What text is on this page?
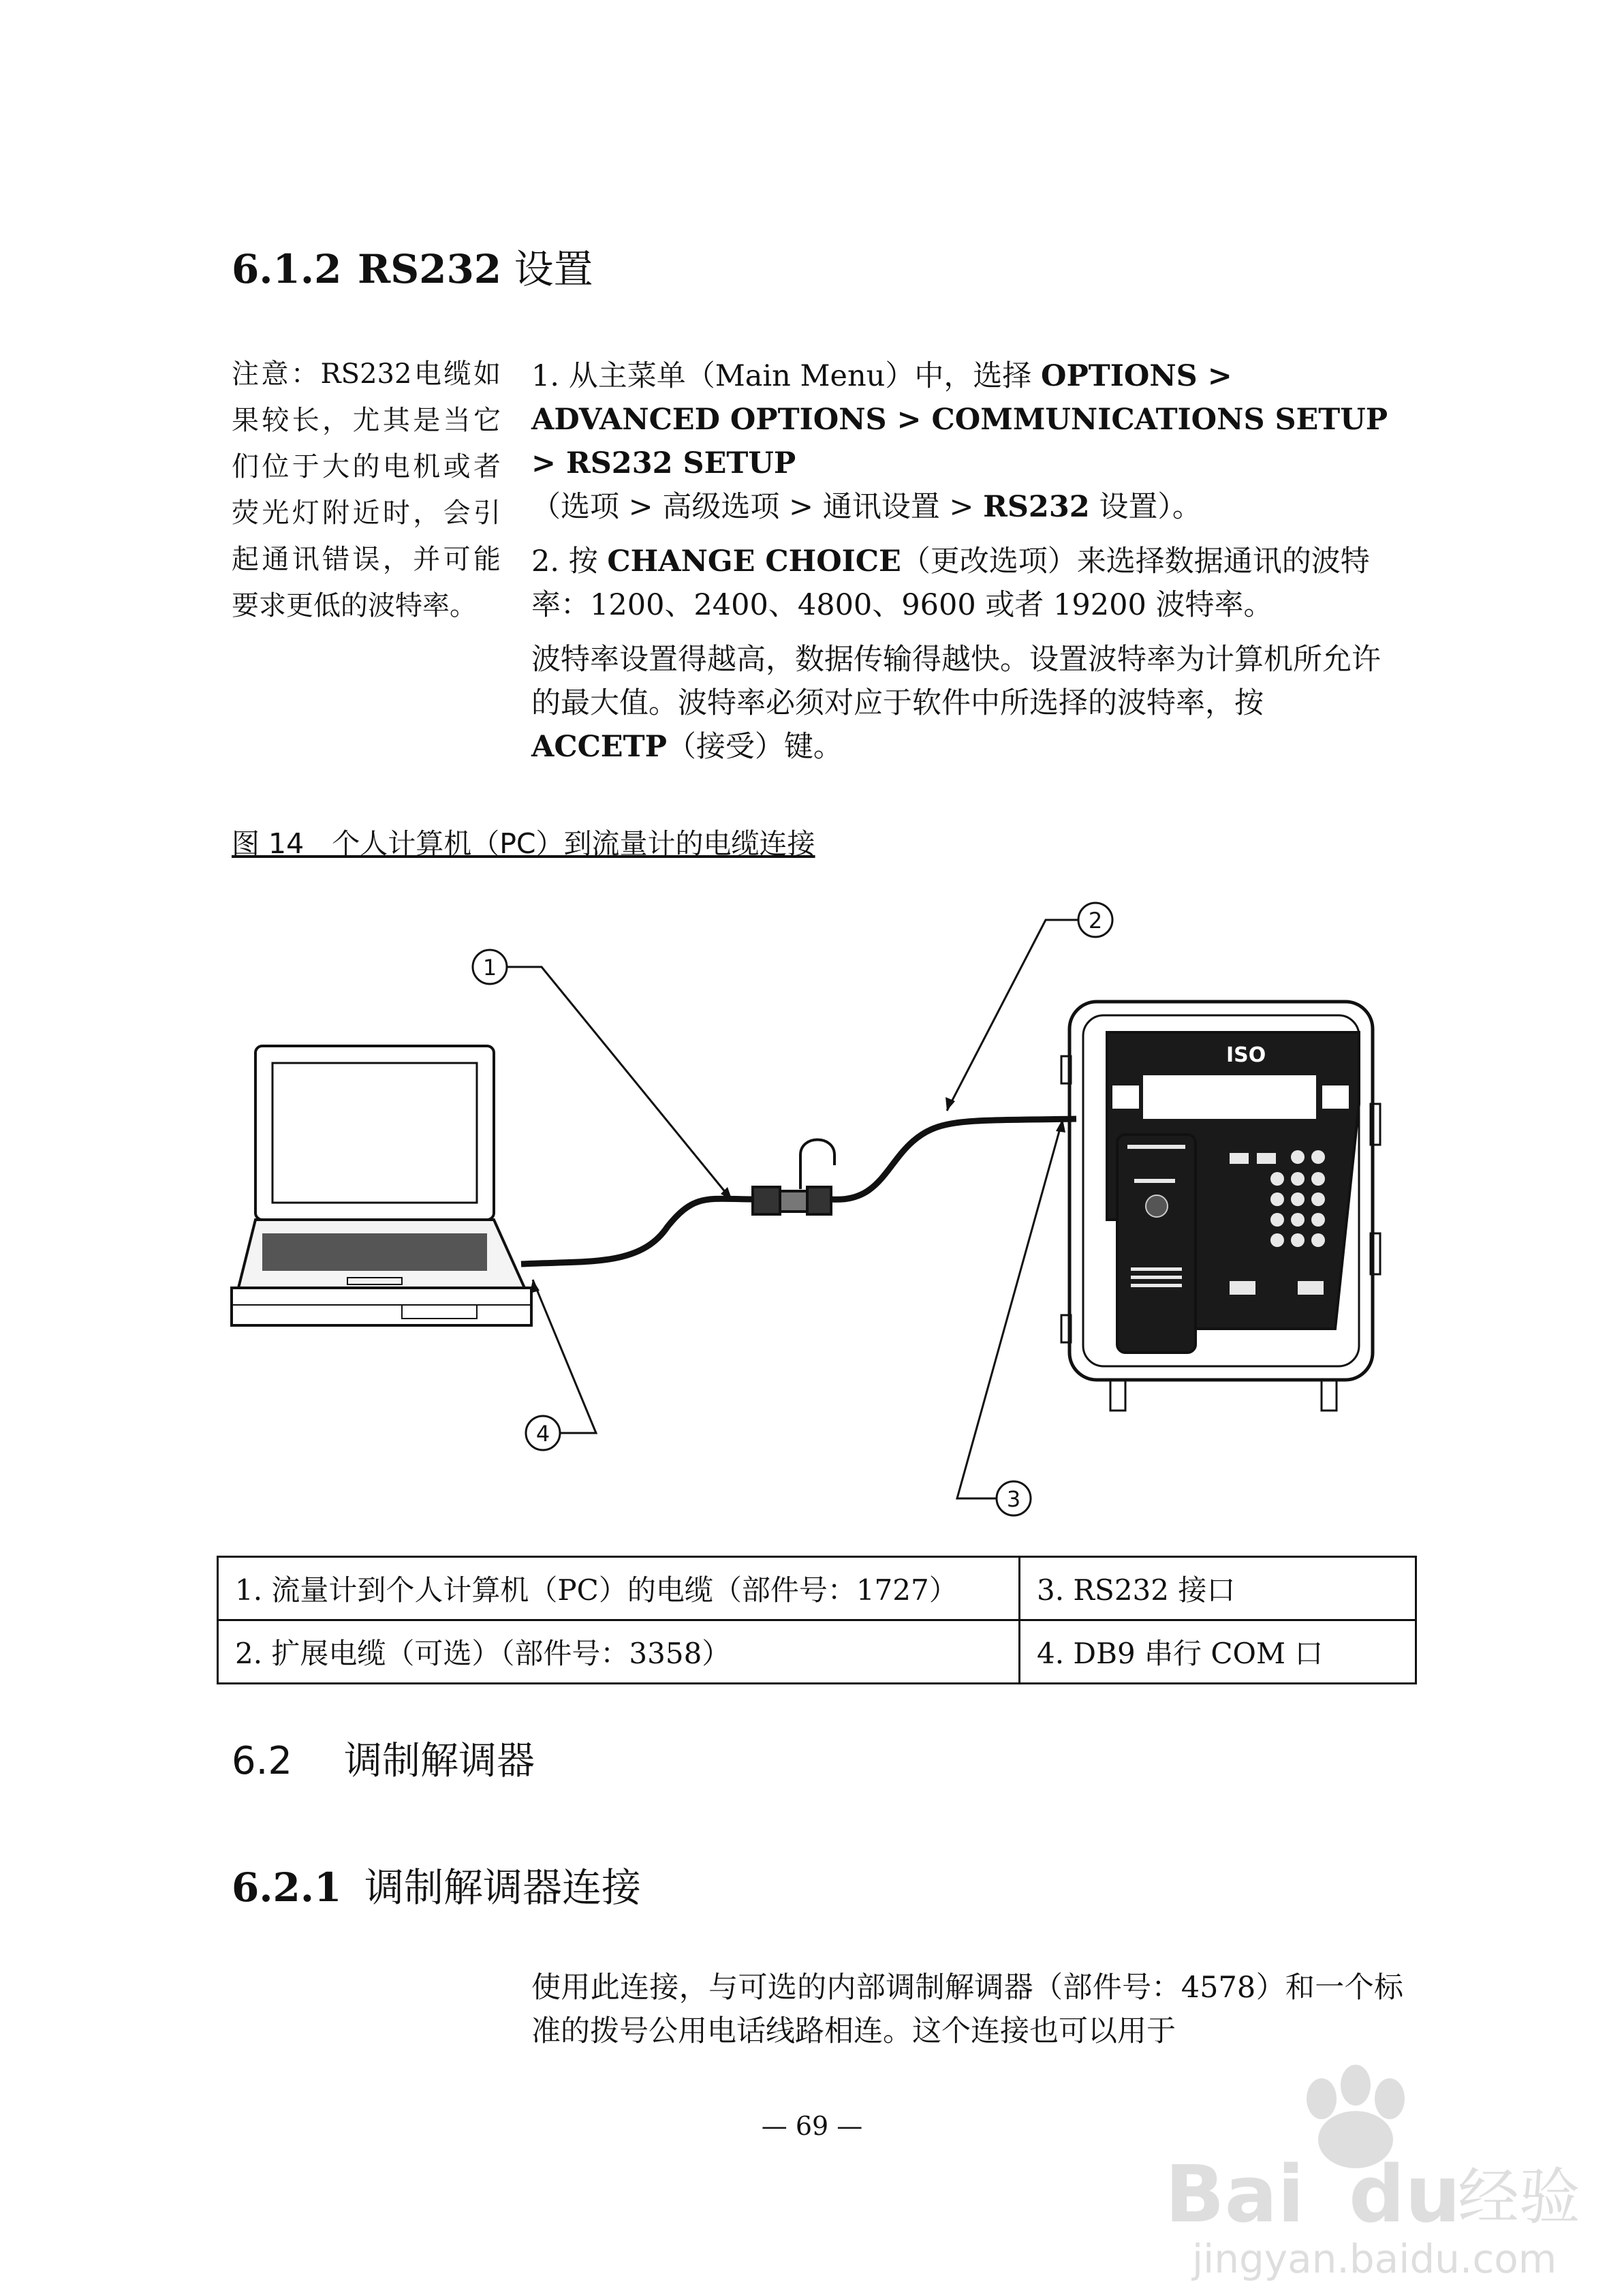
6.1.2 RS232 设置
注意：RS232电缆如果较长，尤其是当它们位于大的电机或者荧光灯附近时，会引起通讯错误，并可能要求更低的波特率。

1. 从主菜单（Main Menu）中，选择 OPTIONS > ADVANCED OPTIONS > COMMUNICATIONS SETUP > RS232 SETUP
（选项 > 高级选项 > 通讯设置 > RS232 设置）。

2. 按 CHANGE CHOICE（更改选项）来选择数据通讯的波特率：1200、2400、4800、9600 或者 19200 波特率。

波特率设置得越高，数据传输得越快。设置波特率为计算机所允许的最大值。波特率必须对应于软件中所选择的波特率，按 ACCETP（接受）键。

图 14　个人计算机（PC）到流量计的电缆连接
ISO
1
2
3
4
1. 流量计到个人计算机（PC）的电缆（部件号：1727）	3. RS232 接口
2. 扩展电缆（可选）（部件号：3358）	4. DB9 串行 COM 口
6.2 调制解调器
6.2.1 调制解调器连接
使用此连接，与可选的内部调制解调器（部件号：4578）和一个标准的拨号公用电话线路相连。这个连接也可以用于
— 69 —
Bai du
经验
jingyan.baidu.com
